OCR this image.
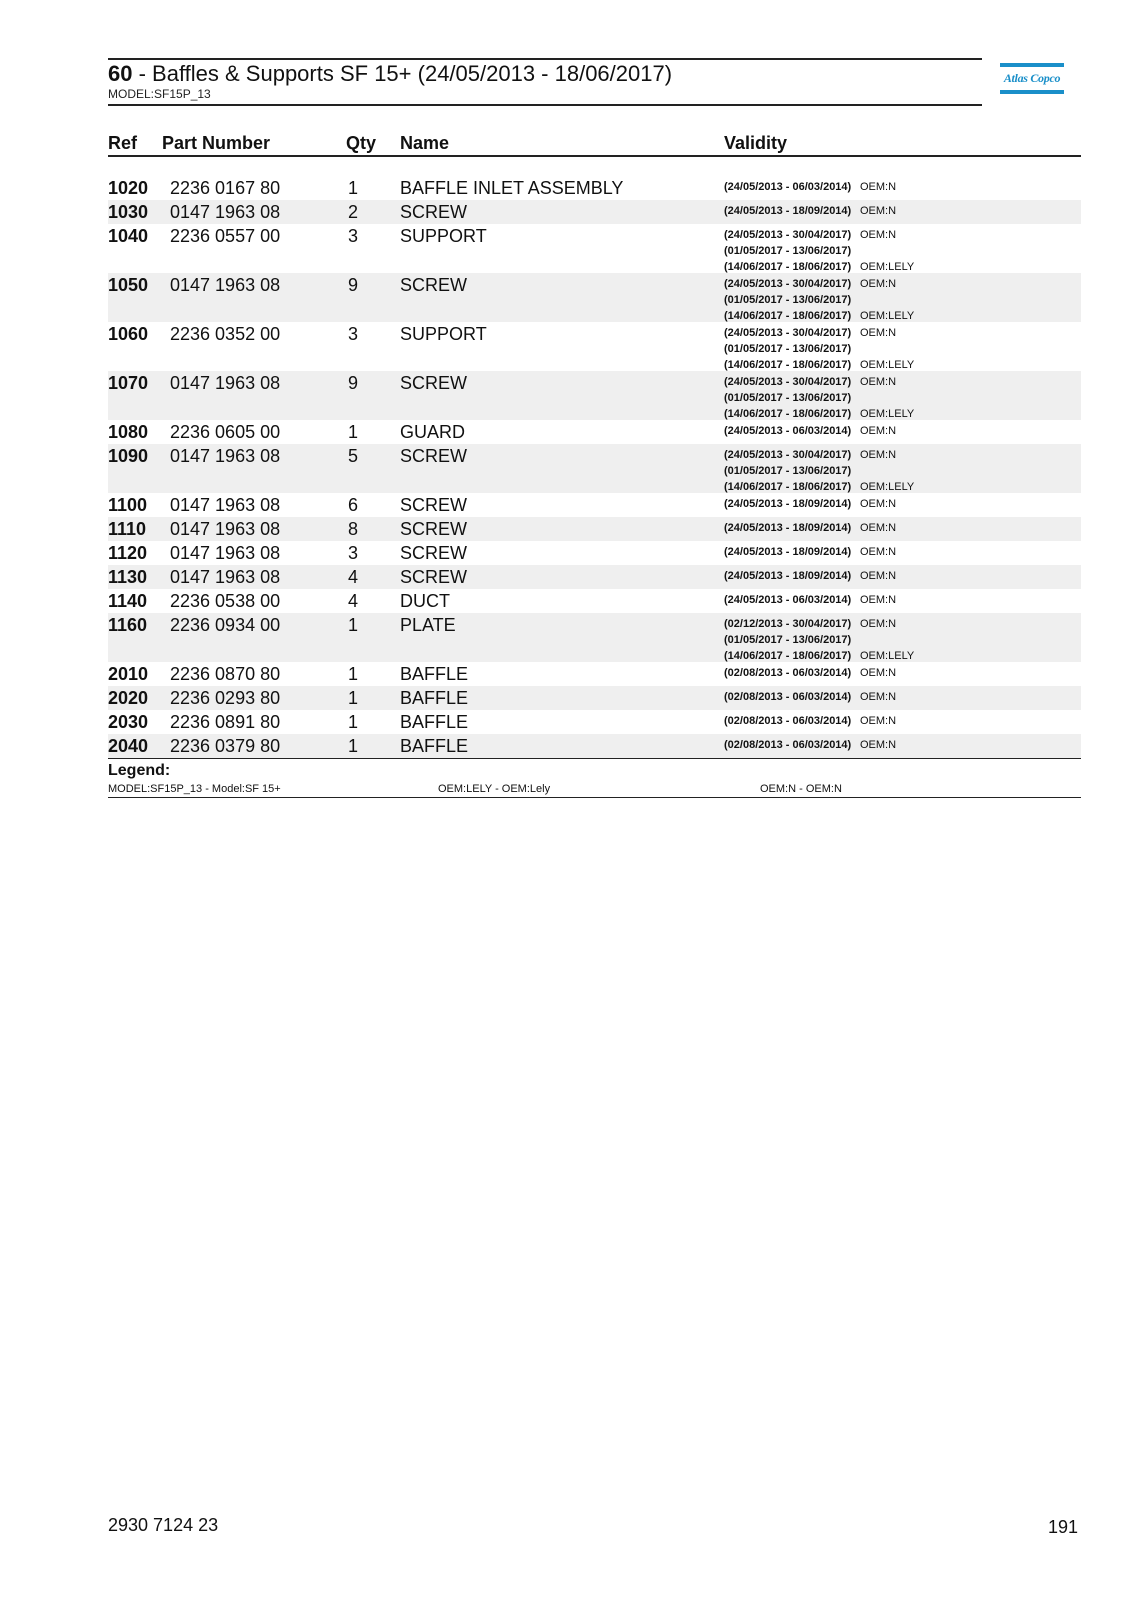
60 - Baffles & Supports SF 15+ (24/05/2013 - 18/06/2017)
MODEL:SF15P_13
Atlas Copco
Ref	Part Number	Qty	Name	Validity
1020	2236 0167 80	1	BAFFLE INLET ASSEMBLY	(24/05/2013 - 06/03/2014) OEM:N
1030	0147 1963 08	2	SCREW	(24/05/2013 - 18/09/2014) OEM:N
1040	2236 0557 00	3	SUPPORT	(24/05/2013 - 30/04/2017) OEM:N
(01/05/2017 - 13/06/2017)
(14/06/2017 - 18/06/2017) OEM:LELY
1050	0147 1963 08	9	SCREW	(24/05/2013 - 30/04/2017) OEM:N
(01/05/2017 - 13/06/2017)
(14/06/2017 - 18/06/2017) OEM:LELY
1060	2236 0352 00	3	SUPPORT	(24/05/2013 - 30/04/2017) OEM:N
(01/05/2017 - 13/06/2017)
(14/06/2017 - 18/06/2017) OEM:LELY
1070	0147 1963 08	9	SCREW	(24/05/2013 - 30/04/2017) OEM:N
(01/05/2017 - 13/06/2017)
(14/06/2017 - 18/06/2017) OEM:LELY
1080	2236 0605 00	1	GUARD	(24/05/2013 - 06/03/2014) OEM:N
1090	0147 1963 08	5	SCREW	(24/05/2013 - 30/04/2017) OEM:N
(01/05/2017 - 13/06/2017)
(14/06/2017 - 18/06/2017) OEM:LELY
1100	0147 1963 08	6	SCREW	(24/05/2013 - 18/09/2014) OEM:N
1110	0147 1963 08	8	SCREW	(24/05/2013 - 18/09/2014) OEM:N
1120	0147 1963 08	3	SCREW	(24/05/2013 - 18/09/2014) OEM:N
1130	0147 1963 08	4	SCREW	(24/05/2013 - 18/09/2014) OEM:N
1140	2236 0538 00	4	DUCT	(24/05/2013 - 06/03/2014) OEM:N
1160	2236 0934 00	1	PLATE	(02/12/2013 - 30/04/2017) OEM:N
(01/05/2017 - 13/06/2017)
(14/06/2017 - 18/06/2017) OEM:LELY
2010	2236 0870 80	1	BAFFLE	(02/08/2013 - 06/03/2014) OEM:N
2020	2236 0293 80	1	BAFFLE	(02/08/2013 - 06/03/2014) OEM:N
2030	2236 0891 80	1	BAFFLE	(02/08/2013 - 06/03/2014) OEM:N
2040	2236 0379 80	1	BAFFLE	(02/08/2013 - 06/03/2014) OEM:N
Legend:
MODEL:SF15P_13 - Model:SF 15+	OEM:LELY - OEM:Lely	OEM:N - OEM:N
2930 7124 23	191
